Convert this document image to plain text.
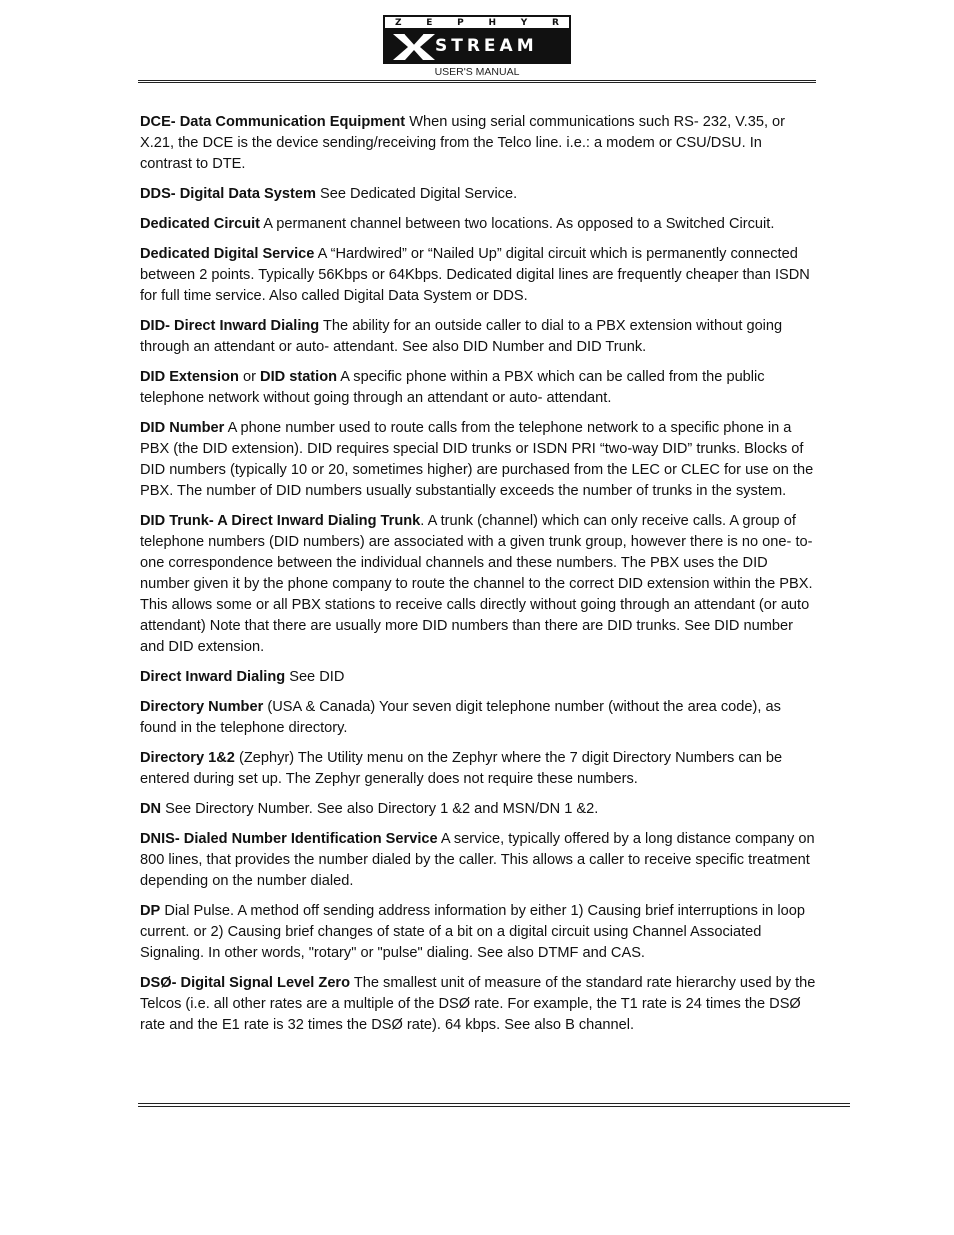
Z	E	P	H	Y	R
STREAM
USER'S MANUAL

DCE- Data Communication Equipment When using serial communications such RS- 232, V.35, or X.21, the DCE is the device sending/receiving from the Telco line. i.e.: a modem or CSU/DSU. In contrast to DTE.

DDS- Digital Data System See Dedicated Digital Service.

Dedicated Circuit A permanent channel between two locations. As opposed to a Switched Circuit.

Dedicated Digital Service A “Hardwired” or “Nailed Up” digital circuit which is permanently connected between 2 points. Typically 56Kbps or 64Kbps. Dedicated digital lines are frequently cheaper than ISDN for full time service. Also called Digital Data System or DDS.

DID- Direct Inward Dialing The ability for an outside caller to dial to a PBX extension without going through an attendant or auto- attendant. See also DID Number and DID Trunk.

DID Extension or DID station A specific phone within a PBX which can be called from the public telephone network without going through an attendant or auto- attendant.

DID Number A phone number used to route calls from the telephone network to a specific phone in a PBX (the DID extension). DID requires special DID trunks or ISDN PRI “two-way DID” trunks. Blocks of DID numbers (typically 10 or 20, sometimes higher) are purchased from the LEC or CLEC for use on the PBX. The number of DID numbers usually substantially exceeds the number of trunks in the system.

DID Trunk- A Direct Inward Dialing Trunk. A trunk (channel) which can only receive calls. A group of telephone numbers (DID numbers) are associated with a given trunk group, however there is no one- to- one correspondence between the individual channels and these numbers. The PBX uses the DID number given it by the phone company to route the channel to the correct DID extension within the PBX. This allows some or all PBX stations to receive calls directly without going through an attendant (or auto attendant) Note that there are usually more DID numbers than there are DID trunks. See DID number and DID extension.

Direct Inward Dialing See DID

Directory Number (USA & Canada) Your seven digit telephone number (without the area code), as found in the telephone directory.

Directory 1&2 (Zephyr) The Utility menu on the Zephyr where the 7 digit Directory Numbers can be entered during set up. The Zephyr generally does not require these numbers.

DN See Directory Number. See also Directory 1 &2 and MSN/DN 1 &2.

DNIS- Dialed Number Identification Service A service, typically offered by a long distance company on 800 lines, that provides the number dialed by the caller. This allows a caller to receive specific treatment depending on the number dialed.

DP Dial Pulse. A method off sending address information by either 1) Causing brief interruptions in loop current. or 2) Causing brief changes of state of a bit on a digital circuit using Channel Associated Signaling. In other words, "rotary" or "pulse" dialing. See also DTMF and CAS.

DSØ- Digital Signal Level Zero The smallest unit of measure of the standard rate hierarchy used by the Telcos (i.e. all other rates are a multiple of the DSØ rate. For example, the T1 rate is 24 times the DSØ rate and the E1 rate is 32 times the DSØ rate). 64 kbps. See also B channel.
